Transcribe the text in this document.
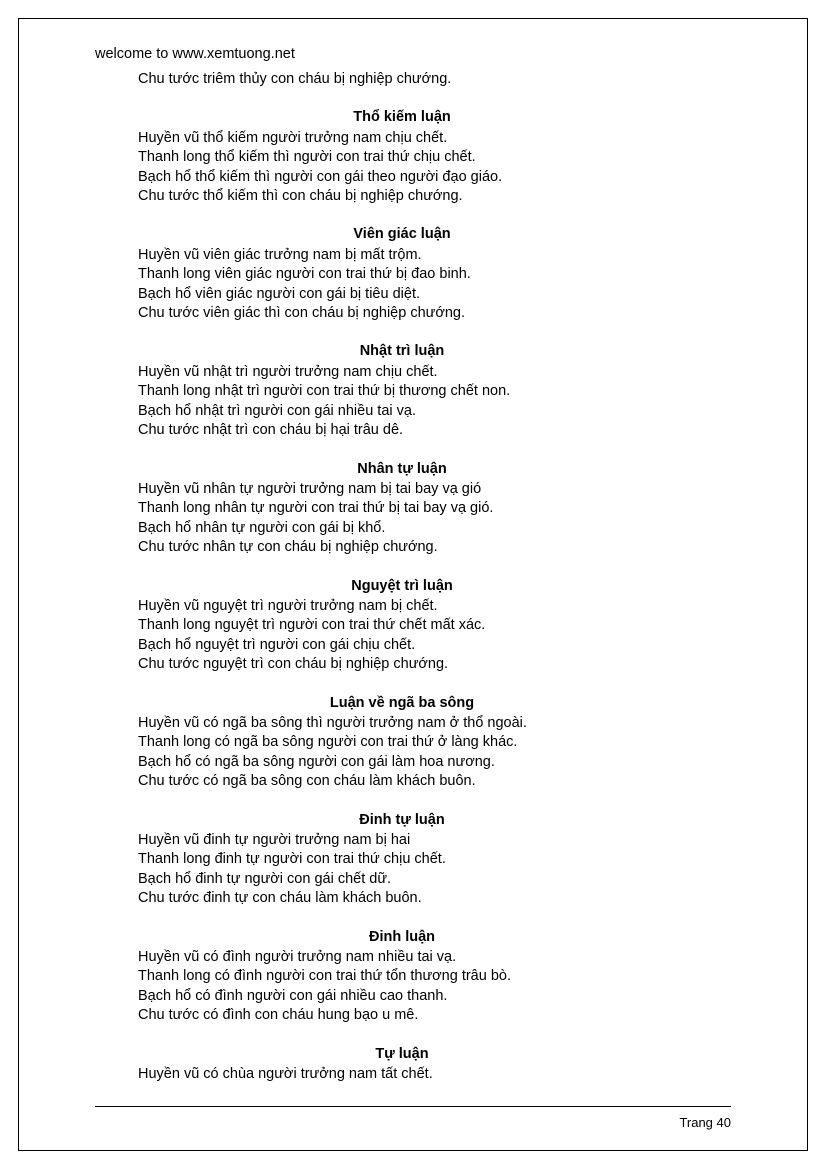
welcome to www.xemtuong.net

Chu tước triêm thủy con cháu bị nghiệp chướng.

Thổ kiếm luận

Huyền vũ thổ kiếm người trưởng nam chịu chết.

Thanh long thổ kiếm thì người con trai thứ chịu chết.

Bạch hổ thổ kiếm thì người con gái theo người đạo giáo.

Chu tước thổ kiếm thì con cháu bị nghiệp chướng.

Viên giác luận

Huyền vũ viên giác trưởng nam bị mất trộm.

Thanh long viên giác người con trai thứ bị đao binh.

Bạch hổ viên giác người con gái bị tiêu diệt.

Chu tước viên giác thì con cháu bị nghiệp chướng.

Nhật trì luận

Huyền vũ nhật trì người trưởng nam chịu chết.

Thanh long nhật trì người con trai thứ bị thương chết non.

Bạch hổ nhật trì người con gái nhiều tai vạ.

Chu tước nhật trì con cháu bị hại trâu dê.

Nhân tự luận

Huyền vũ nhân tự người trưởng nam bị tai bay vạ gió

Thanh long nhân tự người con trai thứ bị tai bay vạ gió.

Bạch hổ nhân tự người con gái bị khổ.

Chu tước nhân tự con cháu bị nghiệp chướng.

Nguyệt trì luận

Huyền vũ nguyệt trì người trưởng nam bị chết.

Thanh long nguyệt trì người con trai thứ chết mất xác.

Bạch hổ nguyệt trì người con gái chịu chết.

Chu tước nguyệt trì con cháu bị nghiệp chướng.

Luận về ngã ba sông

Huyền vũ có ngã ba sông thì người trưởng nam ở thổ ngoài.

Thanh long có ngã ba sông người con trai thứ ở làng khác.

Bạch hổ có ngã ba sông người con gái làm hoa nương.

Chu tước có ngã ba sông con cháu làm khách buôn.

Đinh tự luận

Huyền vũ đinh tự người trưởng nam bị hai

Thanh long đinh tự người con trai thứ chịu chết.

Bạch hổ đinh tự người con gái chết dữ.

Chu tước đinh tự con cháu làm khách buôn.

Đinh luận

Huyền vũ có đình người trưởng nam nhiều tai vạ.

Thanh long có đình người con trai thứ tổn thương trâu bò.

Bạch hổ có đình người con gái nhiều cao thanh.

Chu tước có đình con cháu hung bạo u mê.

Tự luận

Huyền vũ có chùa người trưởng nam tất chết.

Trang 40
